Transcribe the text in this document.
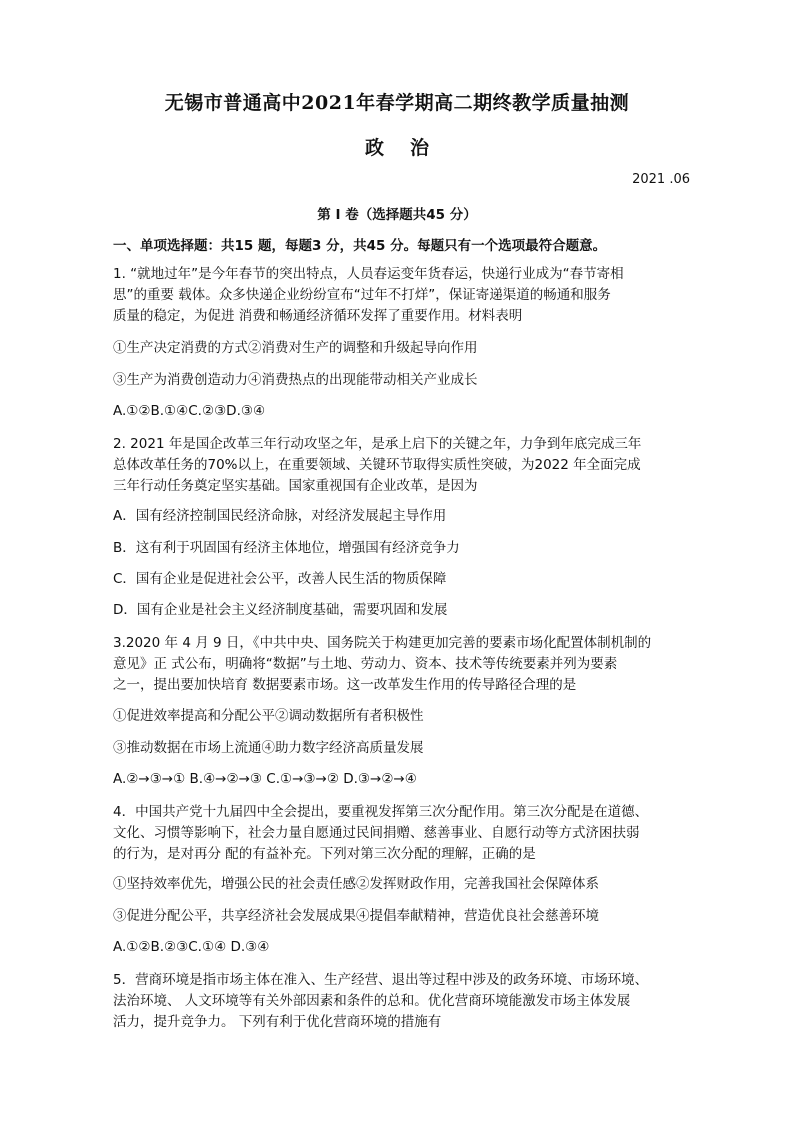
无锡市普通高中2021年春学期高二期终教学质量抽测
政治
2021 .06
第 I 卷（选择题共45 分）
一、单项选择题：共15 题，每题3 分，共45 分。每题只有一个选项最符合题意。
1. “就地过年”是今年春节的突出特点，人员春运变年货春运，快递行业成为“春节寄相
思”的重要 载体。众多快递企业纷纷宣布“过年不打烊”，保证寄递渠道的畅通和服务
质量的稳定，为促进 消费和畅通经济循环发挥了重要作用。材料表明
①生产决定消费的方式②消费对生产的调整和升级起导向作用
③生产为消费创造动力④消费热点的出现能带动相关产业成长
A.①②B.①④C.②③D.③④
2. 2021 年是国企改革三年行动攻坚之年，是承上启下的关键之年，力争到年底完成三年
总体改革任务的70%以上，在重要领域、关键环节取得实质性突破，为2022 年全面完成
三年行动任务奠定坚实基础。国家重视国有企业改革，是因为
A．国有经济控制国民经济命脉，对经济发展起主导作用
B．这有利于巩固国有经济主体地位，增强国有经济竞争力
C．国有企业是促进社会公平，改善人民生活的物质保障
D．国有企业是社会主义经济制度基础，需要巩固和发展
3.2020 年 4 月 9 日，《中共中央、国务院关于构建更加完善的要素市场化配置体制机制的
意见》正 式公布，明确将“数据”与土地、劳动力、资本、技术等传统要素并列为要素
之一，提出要加快培育 数据要素市场。这一改革发生作用的传导路径合理的是
①促进效率提高和分配公平②调动数据所有者积极性
③推动数据在市场上流通④助力数字经济高质量发展
A.②→③→① B.④→②→③ C.①→③→② D.③→②→④
4．中国共产党十九届四中全会提出，要重视发挥第三次分配作用。第三次分配是在道德、
文化、习惯等影响下，社会力量自愿通过民间捐赠、慈善事业、自愿行动等方式济困扶弱
的行为，是对再分 配的有益补充。下列对第三次分配的理解，正确的是
①坚持效率优先，增强公民的社会责任感②发挥财政作用，完善我国社会保障体系
③促进分配公平，共享经济社会发展成果④提倡奉献精神，营造优良社会慈善环境
A.①②B.②③C.①④ D.③④
5．营商环境是指市场主体在准入、生产经营、退出等过程中涉及的政务环境、市场环境、
法治环境、 人文环境等有关外部因素和条件的总和。优化营商环境能激发市场主体发展
活力，提升竞争力。 下列有利于优化营商环境的措施有
